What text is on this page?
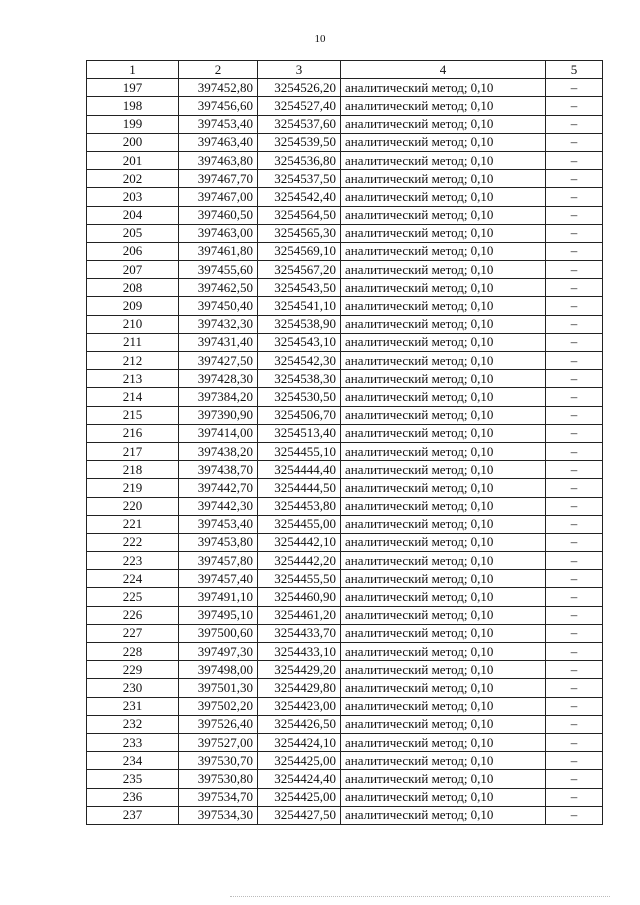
10
1	2	3	4	5
197	397452,80	3254526,20	аналитический метод; 0,10	–
198	397456,60	3254527,40	аналитический метод; 0,10	–
199	397453,40	3254537,60	аналитический метод; 0,10	–
200	397463,40	3254539,50	аналитический метод; 0,10	–
201	397463,80	3254536,80	аналитический метод; 0,10	–
202	397467,70	3254537,50	аналитический метод; 0,10	–
203	397467,00	3254542,40	аналитический метод; 0,10	–
204	397460,50	3254564,50	аналитический метод; 0,10	–
205	397463,00	3254565,30	аналитический метод; 0,10	–
206	397461,80	3254569,10	аналитический метод; 0,10	–
207	397455,60	3254567,20	аналитический метод; 0,10	–
208	397462,50	3254543,50	аналитический метод; 0,10	–
209	397450,40	3254541,10	аналитический метод; 0,10	–
210	397432,30	3254538,90	аналитический метод; 0,10	–
211	397431,40	3254543,10	аналитический метод; 0,10	–
212	397427,50	3254542,30	аналитический метод; 0,10	–
213	397428,30	3254538,30	аналитический метод; 0,10	–
214	397384,20	3254530,50	аналитический метод; 0,10	–
215	397390,90	3254506,70	аналитический метод; 0,10	–
216	397414,00	3254513,40	аналитический метод; 0,10	–
217	397438,20	3254455,10	аналитический метод; 0,10	–
218	397438,70	3254444,40	аналитический метод; 0,10	–
219	397442,70	3254444,50	аналитический метод; 0,10	–
220	397442,30	3254453,80	аналитический метод; 0,10	–
221	397453,40	3254455,00	аналитический метод; 0,10	–
222	397453,80	3254442,10	аналитический метод; 0,10	–
223	397457,80	3254442,20	аналитический метод; 0,10	–
224	397457,40	3254455,50	аналитический метод; 0,10	–
225	397491,10	3254460,90	аналитический метод; 0,10	–
226	397495,10	3254461,20	аналитический метод; 0,10	–
227	397500,60	3254433,70	аналитический метод; 0,10	–
228	397497,30	3254433,10	аналитический метод; 0,10	–
229	397498,00	3254429,20	аналитический метод; 0,10	–
230	397501,30	3254429,80	аналитический метод; 0,10	–
231	397502,20	3254423,00	аналитический метод; 0,10	–
232	397526,40	3254426,50	аналитический метод; 0,10	–
233	397527,00	3254424,10	аналитический метод; 0,10	–
234	397530,70	3254425,00	аналитический метод; 0,10	–
235	397530,80	3254424,40	аналитический метод; 0,10	–
236	397534,70	3254425,00	аналитический метод; 0,10	–
237	397534,30	3254427,50	аналитический метод; 0,10	–
